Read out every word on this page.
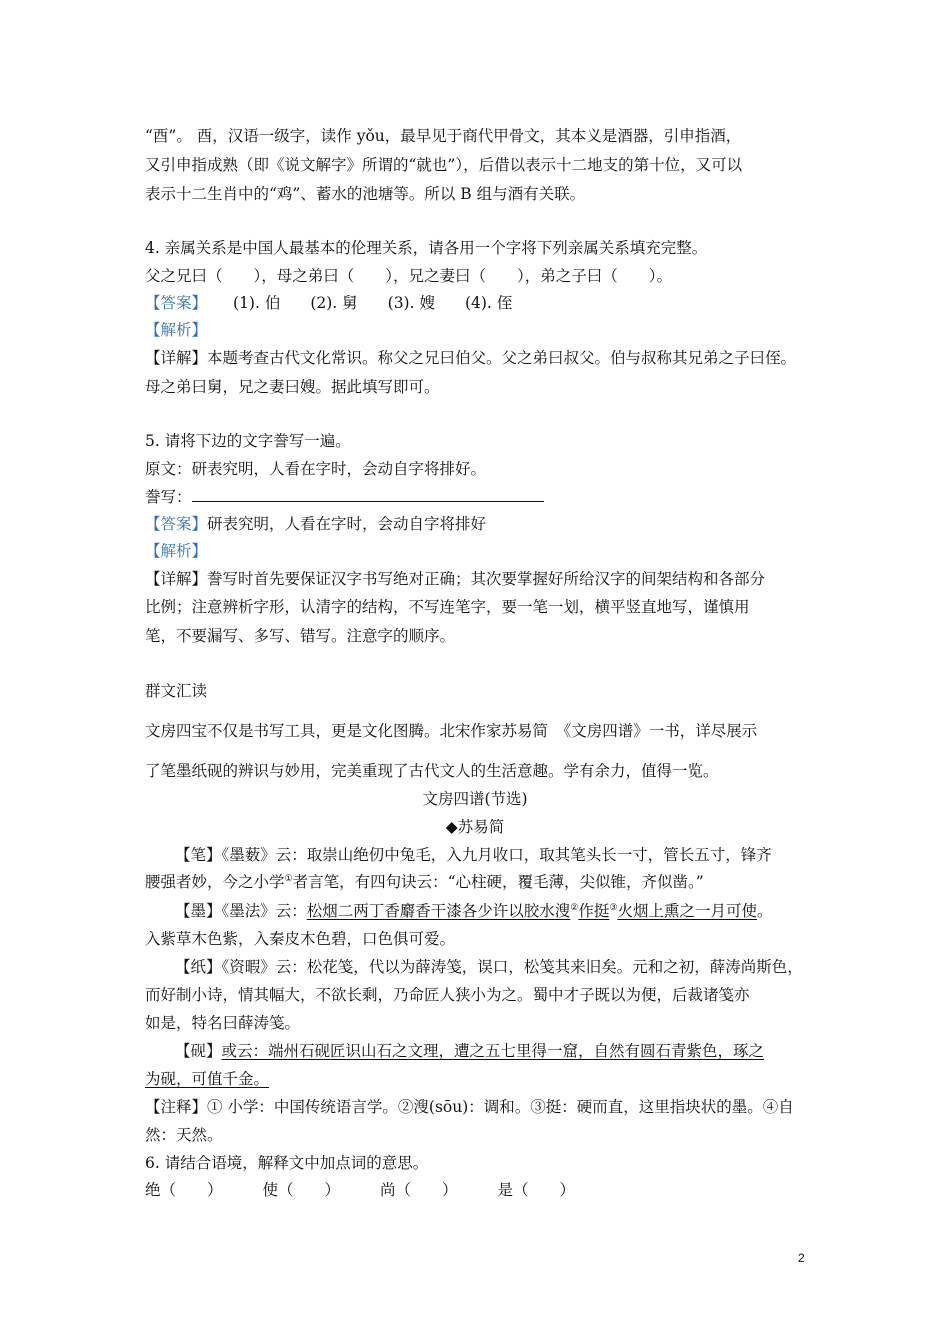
“酉”。 酉，汉语一级字，读作 yǒu，最早见于商代甲骨文，其本义是酒器，引申指酒，
又引申指成熟（即《说文解字》所谓的“就也”），后借以表示十二地支的第十位，又可以
表示十二生肖中的“鸡”、蓄水的池塘等。所以 B 组与酒有关联。
4. 亲属关系是中国人最基本的伦理关系，请各用一个字将下列亲属关系填充完整。
父之兄曰（　　），母之弟曰（　　），兄之妻曰（　　），弟之子曰（　　）。
【答案】 (1). 伯 (2). 舅 (3). 嫂 (4). 侄
【解析】
【详解】本题考查古代文化常识。称父之兄曰伯父。父之弟曰叔父。伯与叔称其兄弟之子曰侄。
母之弟曰舅，兄之妻曰嫂。据此填写即可。
5. 请将下边的文字誊写一遍。
原文：研表究明，人看在字时，会动自字将排好。
誊写：
【答案】研表究明，人看在字时，会动自字将排好
【解析】
【详解】誊写时首先要保证汉字书写绝对正确；其次要掌握好所给汉字的间架结构和各部分
比例；注意辨析字形，认清字的结构，不写连笔字，要一笔一划，横平竖直地写，谨慎用
笔，不要漏写、多写、错写。注意字的顺序。
群文汇读
文房四宝不仅是书写工具，更是文化图腾。北宋作家苏易简　《文房四谱》一书，详尽展示
了笔墨纸砚的辨识与妙用，完美重现了古代文人的生活意趣。学有余力，值得一览。
文房四谱(节选)
◆苏易简
【笔】《墨薮》云：取崇山绝仞中兔毛，入九月收口，取其笔头长一寸，管长五寸，锋齐
腰强者妙，今之小学①者言笔，有四句诀云：“心柱硬，覆毛薄，尖似锥，齐似凿。”
【墨】《墨法》云：松烟二两丁香麝香干漆各少许以胶水溲②作挺③火烟上熏之一月可使。
入紫草木色紫，入秦皮木色碧，口色俱可爱。
【纸】《资暇》云：松花笺，代以为薛涛笺，误口，松笺其来旧矣。元和之初，薛涛尚斯色，
而好制小诗，情其幅大，不欲长剩，乃命匠人狭小为之。蜀中才子既以为便，后裁诸笺亦
如是，特名曰薛涛笺。
【砚】或云：端州石砚匠识山石之文理，遭之五七里得一窟，自然有圆石青紫色，琢之
为砚，可值千金。
【注释】① 小学：中国传统语言学。②溲(sōu)：调和。③挺：硬而直，这里指块状的墨。④自
然：天然。
6. 请结合语境，解释文中加点词的意思。
绝（　　）	使（　　）	尚（　　）	是（　　）
2
